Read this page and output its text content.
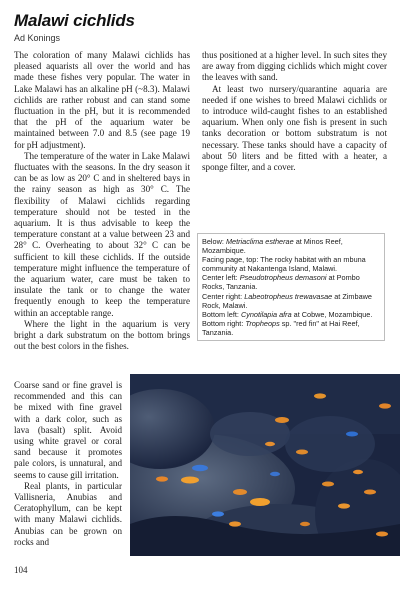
Malawi cichlids
Ad Konings

The coloration of many Malawi cichlids has pleased aquarists all over the world and has made these fishes very popular. The water in Lake Malawi has an alkaline pH (~8.3). Malawi cichlids are rather robust and can stand some fluctuation in the pH, but it is recommended that the pH of the aquarium water be maintained between 7.0 and 8.5 (see page 19 for pH adjustment).

The temperature of the water in Lake Malawi fluctuates with the seasons. In the dry season it can be as low as 20° C and in sheltered bays in the rainy season as high as 30° C. The flexibility of Malawi cichlids regarding temperature should not be tested in the aquarium. It is thus advisable to keep the temperature constant at a value between 23 and 28° C. Overheating to about 32° C can be sufficient to kill these cichlids. If the outside temperature might influence the temperature of the aquarium water, care must be taken to insulate the tank or to change the water frequently enough to keep the temperature within an acceptable range.

Where the light in the aquarium is very bright a dark substratum on the bottom brings out the best colors in the fishes.

Coarse sand or fine gravel is recommended and this can be mixed with fine gravel with a dark color, such as lava (basalt) split. Avoid using white gravel or coral sand because it promotes pale colors, is unnatural, and seems to cause gill irritation.

Real plants, in particular Vallisneria, Anubias and Ceratophyllum, can be kept with many Malawi cichlids. Anubias can be grown on rocks and

thus positioned at a higher level. In such sites they are away from digging cichlids which might cover the leaves with sand.

At least two nursery/quarantine aquaria are needed if one wishes to breed Malawi cichlids or to introduce wild-caught fishes to an established aquarium. When only one fish is present in such tanks decoration or bottom substratum is not necessary. These tanks should have a capacity of about 50 liters and be fitted with a heater, a sponge filter, and a cover.

Below: Metriaclima estherae at Minos Reef, Mozambique.
Facing page, top: The rocky habitat with an mbuna community at Nakantenga Island, Malawi.
Center left: Pseudotropheus demasoni at Pombo Rocks, Tanzania.
Center right: Labeotropheus trewavasae at Zimbawe Rock, Malawi.
Bottom left: Cynotilapia afra at Cobwe, Mozambique.
Bottom right: Tropheops sp. "red fin" at Hai Reef, Tanzania.
104
